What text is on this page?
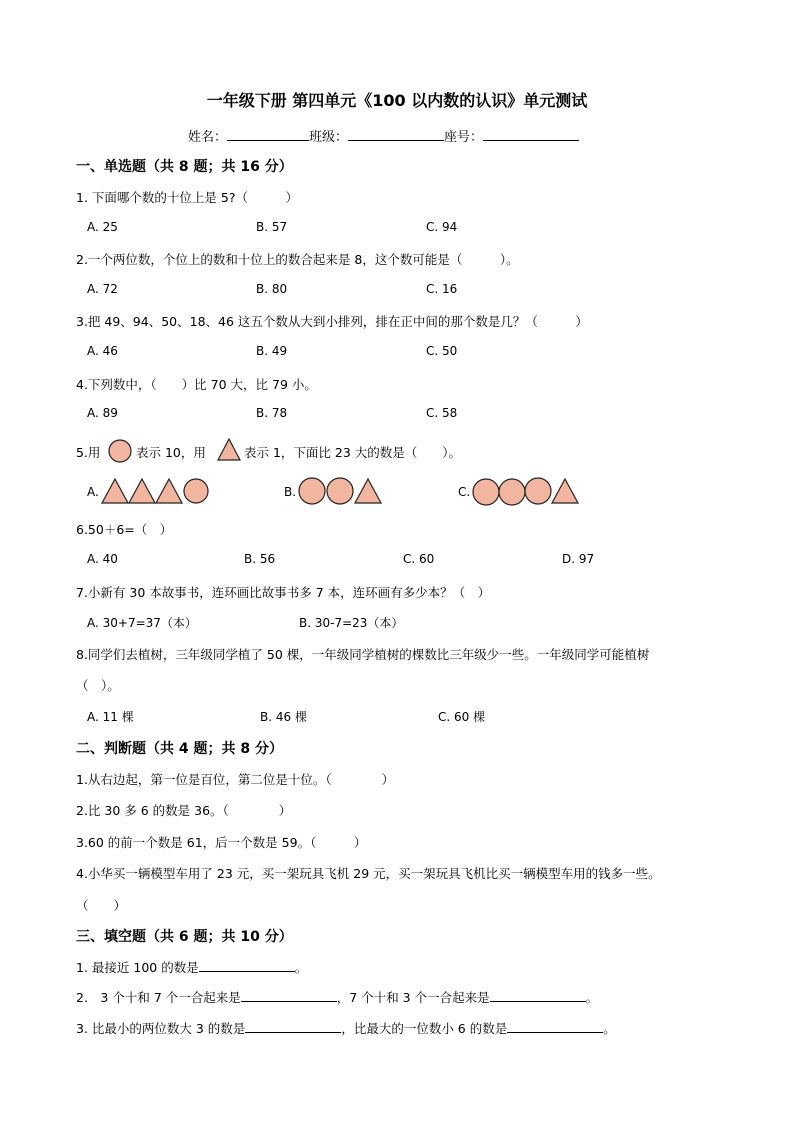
一年级下册 第四单元《100 以内数的认识》单元测试
姓名：	班级：	座号：
一、单选题（共 8 题；共 16 分）
1. 下面哪个数的十位上是 5?（　　　）
A. 25	B. 57	C. 94
2.一个两位数，个位上的数和十位上的数合起来是 8，这个数可能是（　　　）。
A. 72	B. 80	C. 16
3.把 49、94、50、18、46 这五个数从大到小排列，排在正中间的那个数是几？（　　　）
A. 46	B. 49	C. 50
4.下列数中，（　　）比 70 大，比 79 小。
A. 89	B. 78	C. 58
5.用	表示 10，用	表示 1，下面比 23 大的数是（　　）。
A.	B.	C.
6.50＋6=（　）
A. 40	B. 56	C. 60	D. 97
7.小新有 30 本故事书，连环画比故事书多 7 本，连环画有多少本？（　）
A. 30+7=37（本）	B. 30-7=23（本）
8.同学们去植树，三年级同学植了 50 棵，一年级同学植树的棵数比三年级少一些。一年级同学可能植树
（　）。
A. 11 棵	B. 46 棵	C. 60 棵
二、判断题（共 4 题；共 8 分）
1.从右边起，第一位是百位，第二位是十位。（　　　　）
2.比 30 多 6 的数是 36。（　　　　）
3.60 的前一个数是 61，后一个数是 59。（　　　）
4.小华买一辆模型车用了 23 元，买一架玩具飞机 29 元，买一架玩具飞机比买一辆模型车用的钱多一些。
（　　）
三、填空题（共 6 题；共 10 分）
1. 最接近 100 的数是	。
2.　3 个十和 7 个一合起来是	，7 个十和 3 个一合起来是	。
3. 比最小的两位数大 3 的数是	，比最大的一位数小 6 的数是	。
